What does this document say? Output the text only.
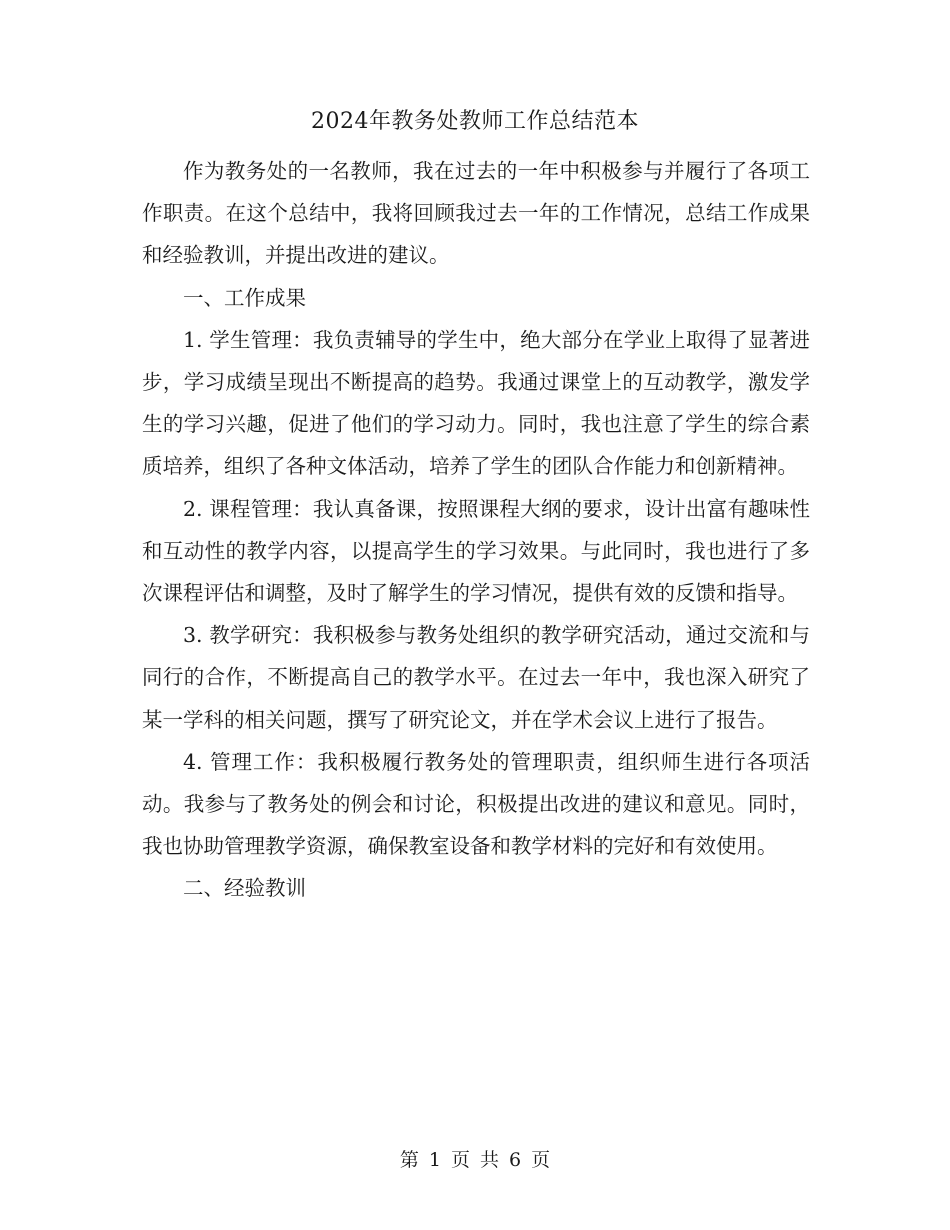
2024年教务处教师工作总结范本

作为教务处的一名教师，我在过去的一年中积极参与并履行了各项工作职责。在这个总结中，我将回顾我过去一年的工作情况，总结工作成果和经验教训，并提出改进的建议。

一、工作成果

1. 学生管理：我负责辅导的学生中，绝大部分在学业上取得了显著进步，学习成绩呈现出不断提高的趋势。我通过课堂上的互动教学，激发学生的学习兴趣，促进了他们的学习动力。同时，我也注意了学生的综合素质培养，组织了各种文体活动，培养了学生的团队合作能力和创新精神。

2. 课程管理：我认真备课，按照课程大纲的要求，设计出富有趣味性和互动性的教学内容，以提高学生的学习效果。与此同时，我也进行了多次课程评估和调整，及时了解学生的学习情况，提供有效的反馈和指导。

3. 教学研究：我积极参与教务处组织的教学研究活动，通过交流和与同行的合作，不断提高自己的教学水平。在过去一年中，我也深入研究了某一学科的相关问题，撰写了研究论文，并在学术会议上进行了报告。

4. 管理工作：我积极履行教务处的管理职责，组织师生进行各项活动。我参与了教务处的例会和讨论，积极提出改进的建议和意见。同时，我也协助管理教学资源，确保教室设备和教学材料的完好和有效使用。

二、经验教训

第 1 页 共 6 页
